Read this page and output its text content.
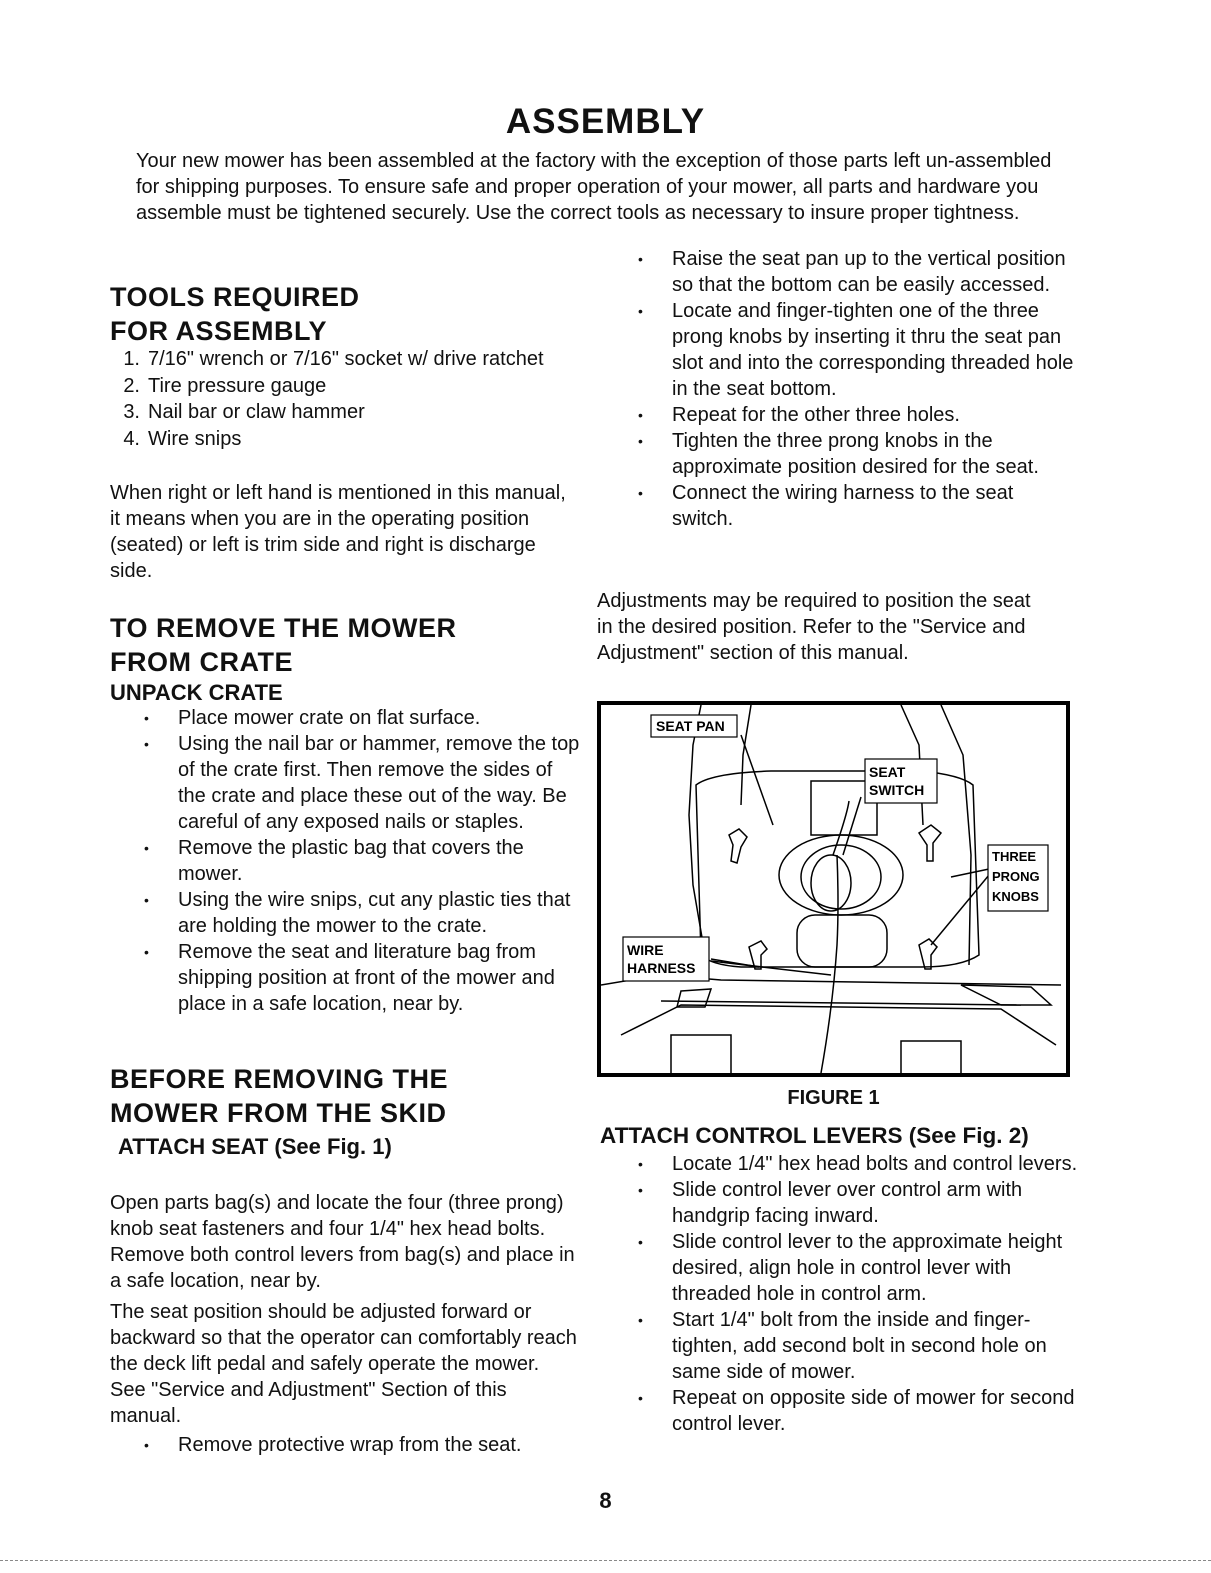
ASSEMBLY
Your new mower has been assembled at the factory with the exception of those parts left un-assembled for shipping purposes. To ensure safe and proper operation of your mower, all parts and hardware you assemble must be tightened securely. Use the correct tools as necessary to insure proper tightness.
TOOLS REQUIRED
FOR ASSEMBLY
1. 7/16" wrench or 7/16" socket w/ drive ratchet
2. Tire pressure gauge
3. Nail bar or claw hammer
4. Wire snips
When right or left hand is mentioned in this manual, it means when you are in the operating position (seated) or left is trim side and right is discharge side.
TO REMOVE THE MOWER
FROM CRATE
UNPACK CRATE
• Place mower crate on flat surface.
• Using the nail bar or hammer, remove the top of the crate first. Then remove the sides of the crate and place these out of the way. Be careful of any exposed nails or staples.
• Remove the plastic bag that covers the mower.
• Using the wire snips, cut any plastic ties that are holding the mower to the crate.
• Remove the seat and literature bag from shipping position at front of the mower and place in a safe location, near by.
BEFORE REMOVING THE
MOWER FROM THE SKID
ATTACH SEAT (See Fig. 1)
Open parts bag(s) and locate the four (three prong) knob seat fasteners and four 1/4" hex head bolts. Remove both control levers from bag(s) and place in a safe location, near by.
The seat position should be adjusted forward or backward so that the operator can comfortably reach the deck lift pedal and safely operate the mower. See "Service and Adjustment" Section of this manual.
• Remove protective wrap from the seat.
• Raise the seat pan up to the vertical position so that the bottom can be easily accessed.
• Locate and finger-tighten one of the three prong knobs by inserting it thru the seat pan slot and into the corresponding threaded hole in the seat bottom.
• Repeat for the other three holes.
• Tighten the three prong knobs in the approximate position desired for the seat.
• Connect the wiring harness to the seat switch.
Adjustments may be required to position the seat in the desired position. Refer to the "Service and Adjustment" section of this manual.
SEAT PAN
SEAT
SWITCH
THREE
PRONG
KNOBS
WIRE
HARNESS
FIGURE 1
ATTACH CONTROL LEVERS (See Fig. 2)
• Locate 1/4" hex head bolts and control levers.
• Slide control lever over control arm with handgrip facing inward.
• Slide control lever to the approximate height desired, align hole in control lever with threaded hole in control arm.
• Start 1/4" bolt from the inside and finger-tighten, add second bolt in second hole on same side of mower.
• Repeat on opposite side of mower for second control lever.
8
